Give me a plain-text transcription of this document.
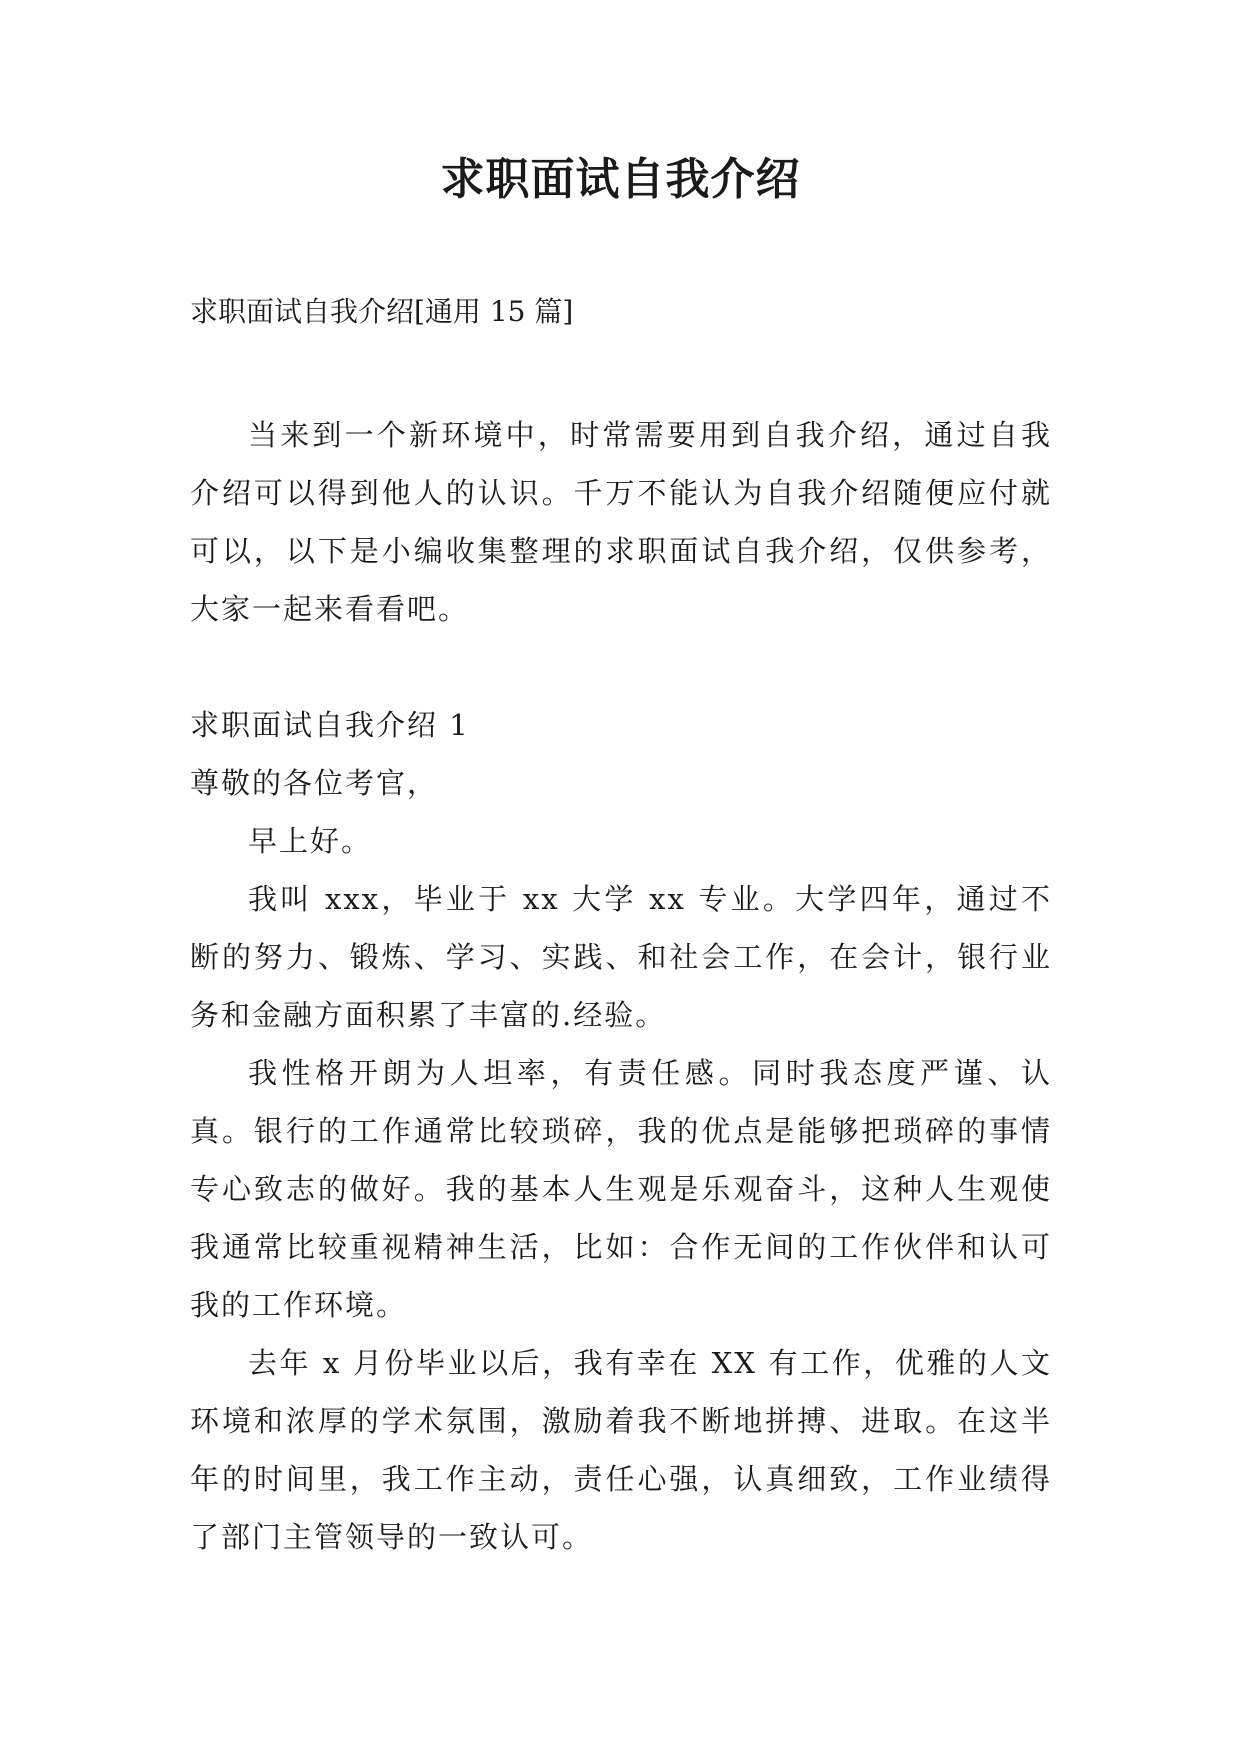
求职面试自我介绍

求职面试自我介绍[通用 15 篇]

当来到一个新环境中，时常需要用到自我介绍，通过自我介绍可以得到他人的认识。千万不能认为自我介绍随便应付就可以，以下是小编收集整理的求职面试自我介绍，仅供参考，大家一起来看看吧。

求职面试自我介绍 1

尊敬的各位考官，

早上好。

我叫 xxx，毕业于 xx 大学 xx 专业。大学四年，通过不断的努力、锻炼、学习、实践、和社会工作，在会计，银行业务和金融方面积累了丰富的.经验。

我性格开朗为人坦率，有责任感。同时我态度严谨、认真。银行的工作通常比较琐碎，我的优点是能够把琐碎的事情专心致志的做好。我的基本人生观是乐观奋斗，这种人生观使我通常比较重视精神生活，比如：合作无间的工作伙伴和认可我的工作环境。

去年 x 月份毕业以后，我有幸在 XX 有工作，优雅的人文环境和浓厚的学术氛围，激励着我不断地拼搏、进取。在这半年的时间里，我工作主动，责任心强，认真细致，工作业绩得了部门主管领导的一致认可。
